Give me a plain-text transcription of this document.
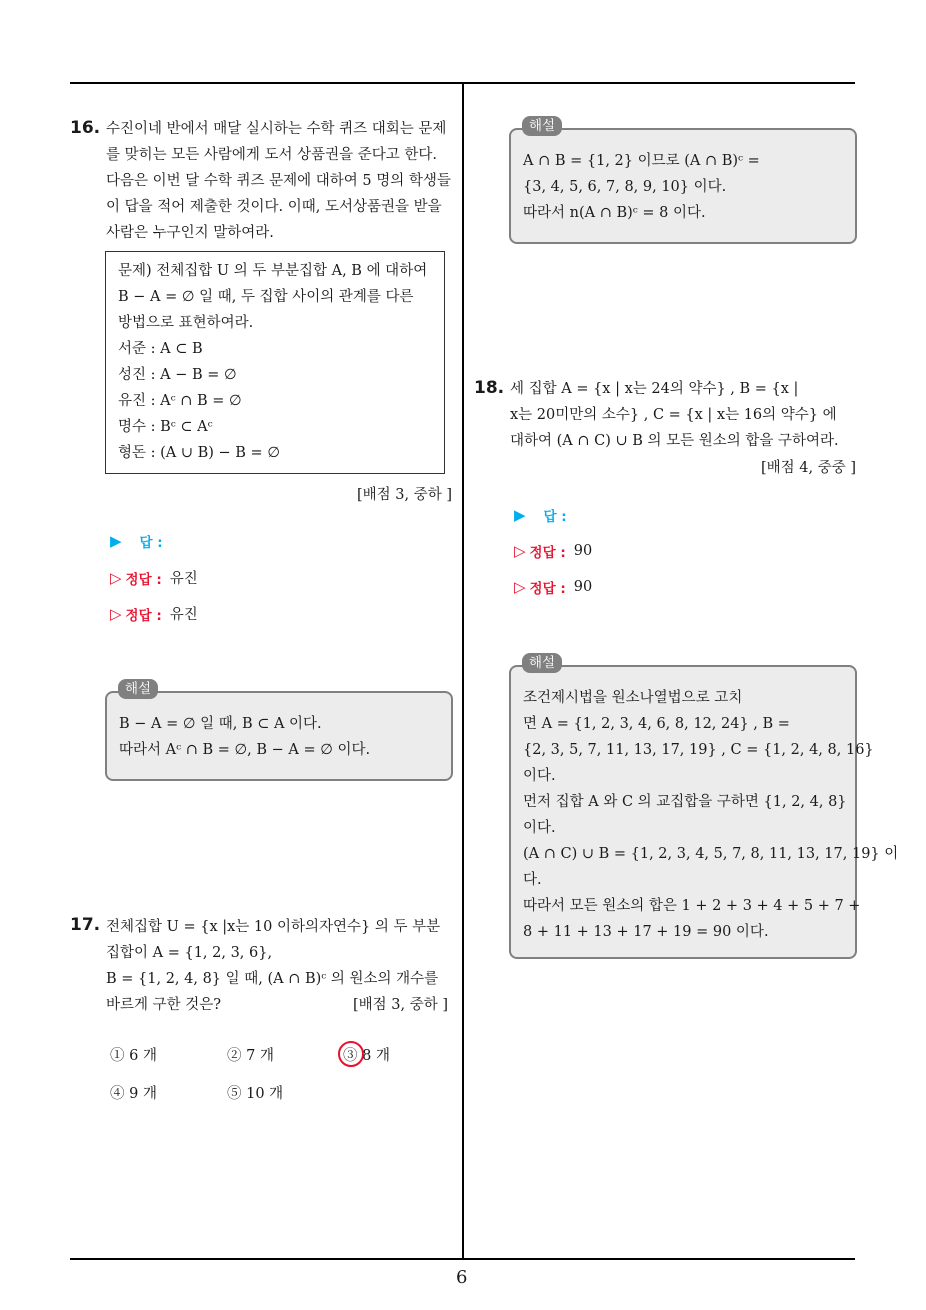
16. 수진이네 반에서 매달 실시하는 수학 퀴즈 대회는 문제

를 맞히는 모든 사람에게 도서 상품권을 준다고 한다.

다음은 이번 달 수학 퀴즈 문제에 대하여 5 명의 학생들

이 답을 적어 제출한 것이다. 이때, 도서상품권을 받을

사람은 누구인지 말하여라.

문제) 전체집합 U 의 두 부분집합 A, B 에 대하여

B − A = ∅ 일 때, 두 집합 사이의 관계를 다른

방법으로 표현하여라.

서준 : A ⊂ B

성진 : A − B = ∅

유진 : Aᶜ ∩ B = ∅

명수 : Bᶜ ⊂ Aᶜ

형돈 : (A ∪ B) − B = ∅

[배점 3, 중하 ]
▶ 답 :
▷ 정답 : 유진
▷ 정답 : 유진

B − A = ∅ 일 때, B ⊂ A 이다.

따라서 Aᶜ ∩ B = ∅, B − A = ∅ 이다.

해설
17. 전체집합 U = {x |x는 10 이하의자연수} 의 두 부분

집합이 A = {1, 2, 3, 6},

B = {1, 2, 4, 8} 일 때, (A ∩ B)ᶜ 의 원소의 개수를

바르게 구한 것은?	[배점 3, 중하 ]

① 6 개	② 7 개	③ 8 개
④ 9 개	⑤ 10 개

A ∩ B = {1, 2} 이므로 (A ∩ B)ᶜ =

{3, 4, 5, 6, 7, 8, 9, 10} 이다.

따라서 n(A ∩ B)ᶜ = 8 이다.

해설
18. 세 집합 A = {x | x는 24의 약수} , B = {x |

x는 20미만의 소수} , C = {x | x는 16의 약수} 에

대하여 (A ∩ C) ∪ B 의 모든 원소의 합을 구하여라.

[배점 4, 중중 ]
▶ 답 :
▷ 정답 : 90
▷ 정답 : 90

조건제시법을 원소나열법으로 고치

면 A = {1, 2, 3, 4, 6, 8, 12, 24} , B =

{2, 3, 5, 7, 11, 13, 17, 19} , C = {1, 2, 4, 8, 16}

이다.

먼저 집합 A 와 C 의 교집합을 구하면 {1, 2, 4, 8}

이다.

(A ∩ C) ∪ B = {1, 2, 3, 4, 5, 7, 8, 11, 13, 17, 19} 이

다.

따라서 모든 원소의 합은 1 + 2 + 3 + 4 + 5 + 7 +

8 + 11 + 13 + 17 + 19 = 90 이다.

해설
6
